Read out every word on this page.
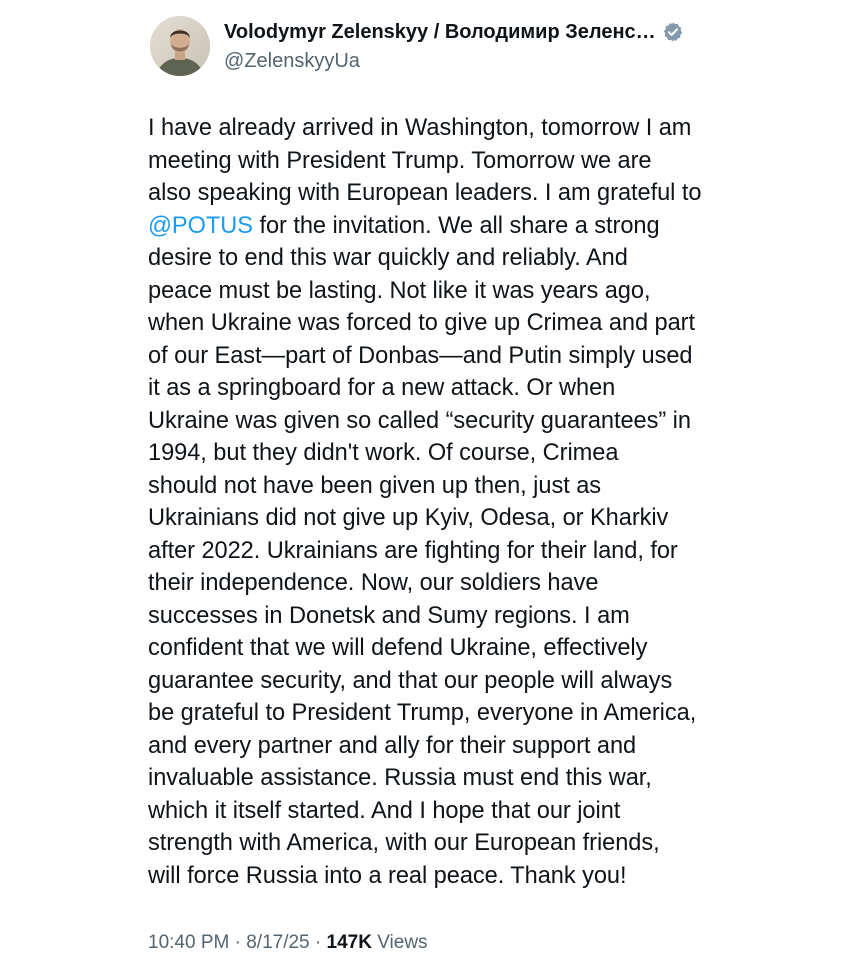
Volodymyr Zelenskyy / Володимир Зеленс…
@ZelenskyyUa
I have already arrived in Washington, tomorrow I am
meeting with President Trump. Tomorrow we are
also speaking with European leaders. I am grateful to
@POTUS for the invitation. We all share a strong
desire to end this war quickly and reliably. And
peace must be lasting. Not like it was years ago,
when Ukraine was forced to give up Crimea and part
of our East—part of Donbas—and Putin simply used
it as a springboard for a new attack. Or when
Ukraine was given so called “security guarantees” in
1994, but they didn't work. Of course, Crimea
should not have been given up then, just as
Ukrainians did not give up Kyiv, Odesa, or Kharkiv
after 2022. Ukrainians are fighting for their land, for
their independence. Now, our soldiers have
successes in Donetsk and Sumy regions. I am
confident that we will defend Ukraine, effectively
guarantee security, and that our people will always
be grateful to President Trump, everyone in America,
and every partner and ally for their support and
invaluable assistance. Russia must end this war,
which it itself started. And I hope that our joint
strength with America, with our European friends,
will force Russia into a real peace. Thank you!
10:40 PM · 8/17/25 · 147K Views
